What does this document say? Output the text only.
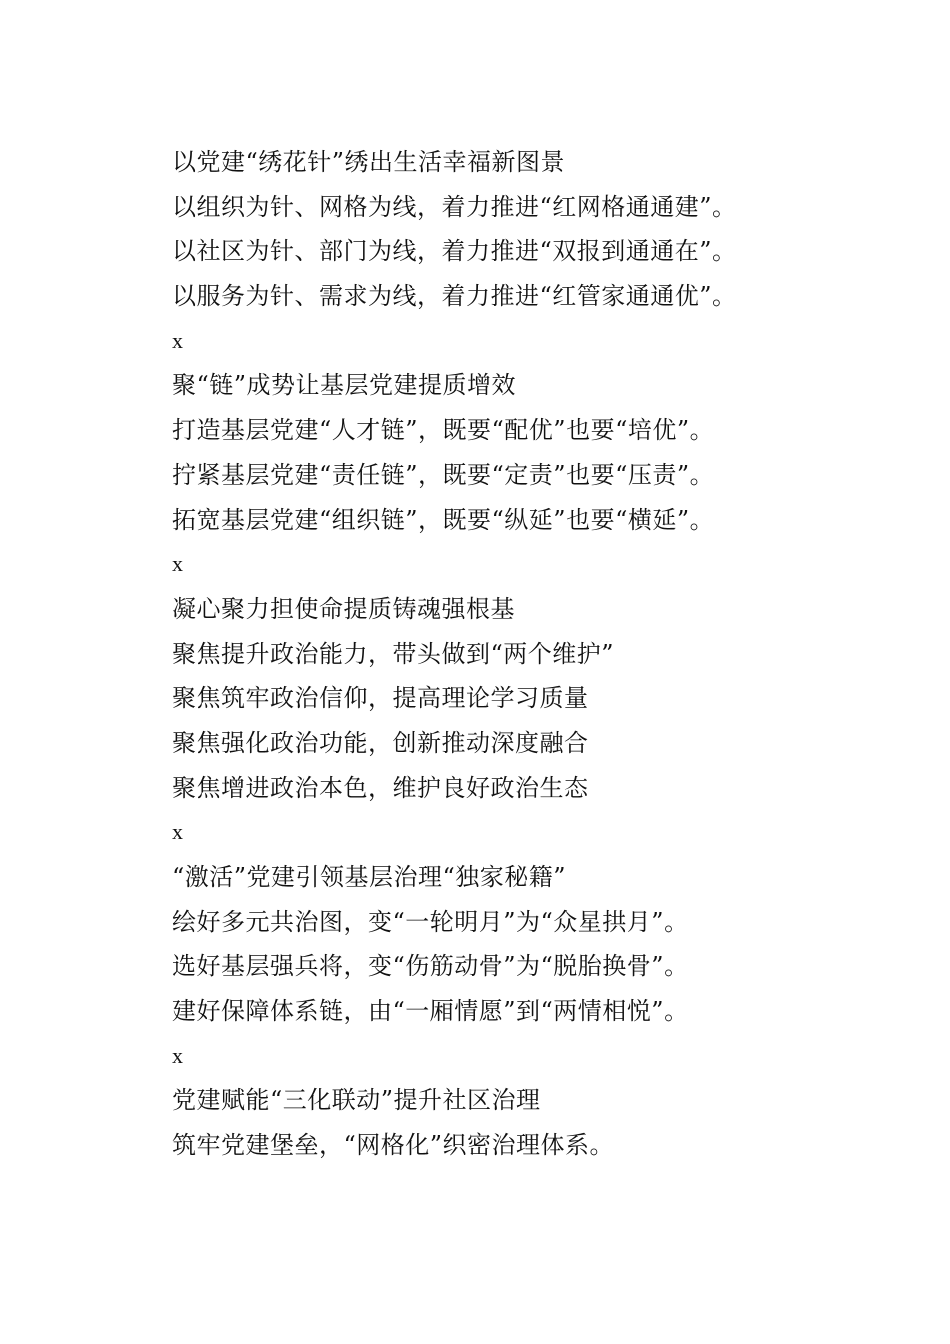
以党建“绣花针”绣出生活幸福新图景
以组织为针、网格为线，着力推进“红网格通通建”。
以社区为针、部门为线，着力推进“双报到通通在”。
以服务为针、需求为线，着力推进“红管家通通优”。
x
聚“链”成势让基层党建提质增效
打造基层党建“人才链”，既要“配优”也要“培优”。
拧紧基层党建“责任链”，既要“定责”也要“压责”。
拓宽基层党建“组织链”，既要“纵延”也要“横延”。
x
凝心聚力担使命提质铸魂强根基
聚焦提升政治能力，带头做到“两个维护”
聚焦筑牢政治信仰，提高理论学习质量
聚焦强化政治功能，创新推动深度融合
聚焦增进政治本色，维护良好政治生态
x
“激活”党建引领基层治理“独家秘籍”
绘好多元共治图，变“一轮明月”为“众星拱月”。
选好基层强兵将，变“伤筋动骨”为“脱胎换骨”。
建好保障体系链，由“一厢情愿”到“两情相悦”。
x
党建赋能“三化联动”提升社区治理
筑牢党建堡垒，“网格化”织密治理体系。
